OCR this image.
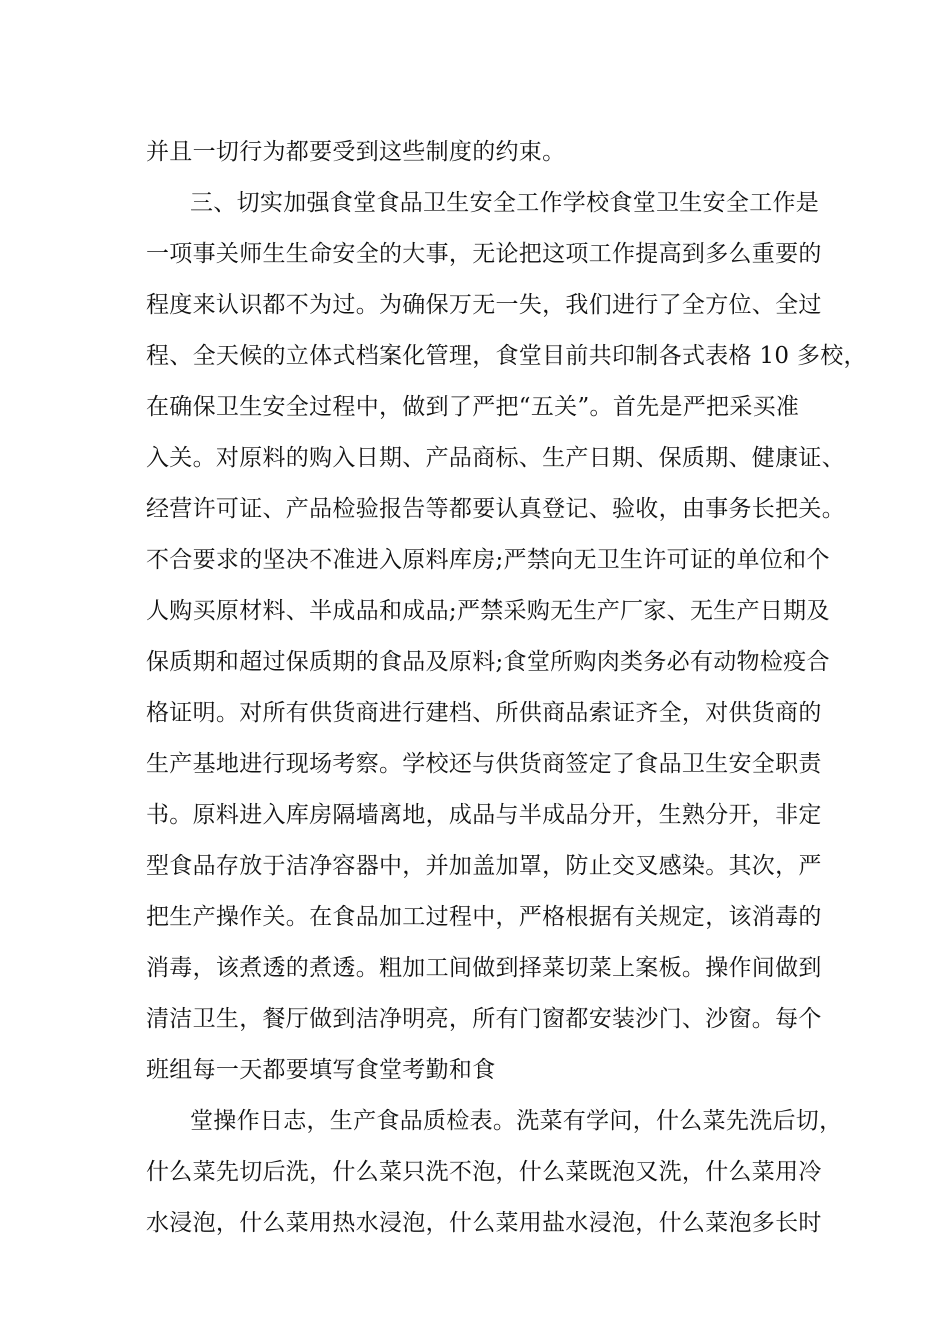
并且一切行为都要受到这些制度的约束。
三、切实加强食堂食品卫生安全工作学校食堂卫生安全工作是
一项事关师生生命安全的大事，无论把这项工作提高到多么重要的
程度来认识都不为过。为确保万无一失，我们进行了全方位、全过
程、全天候的立体式档案化管理，食堂目前共印制各式表格 10 多校，
在确保卫生安全过程中，做到了严把“五关”。首先是严把采买准
入关。对原料的购入日期、产品商标、生产日期、保质期、健康证、
经营许可证、产品检验报告等都要认真登记、验收，由事务长把关。
不合要求的坚决不准进入原料库房;严禁向无卫生许可证的单位和个
人购买原材料、半成品和成品;严禁采购无生产厂家、无生产日期及
保质期和超过保质期的食品及原料;食堂所购肉类务必有动物检疫合
格证明。对所有供货商进行建档、所供商品索证齐全，对供货商的
生产基地进行现场考察。学校还与供货商签定了食品卫生安全职责
书。原料进入库房隔墙离地，成品与半成品分开，生熟分开，非定
型食品存放于洁净容器中，并加盖加罩，防止交叉感染。其次，严
把生产操作关。在食品加工过程中，严格根据有关规定，该消毒的
消毒，该煮透的煮透。粗加工间做到择菜切菜上案板。操作间做到
清洁卫生，餐厅做到洁净明亮，所有门窗都安装沙门、沙窗。每个
班组每一天都要填写食堂考勤和食
堂操作日志，生产食品质检表。洗菜有学问，什么菜先洗后切，
什么菜先切后洗，什么菜只洗不泡，什么菜既泡又洗，什么菜用冷
水浸泡，什么菜用热水浸泡，什么菜用盐水浸泡，什么菜泡多长时
